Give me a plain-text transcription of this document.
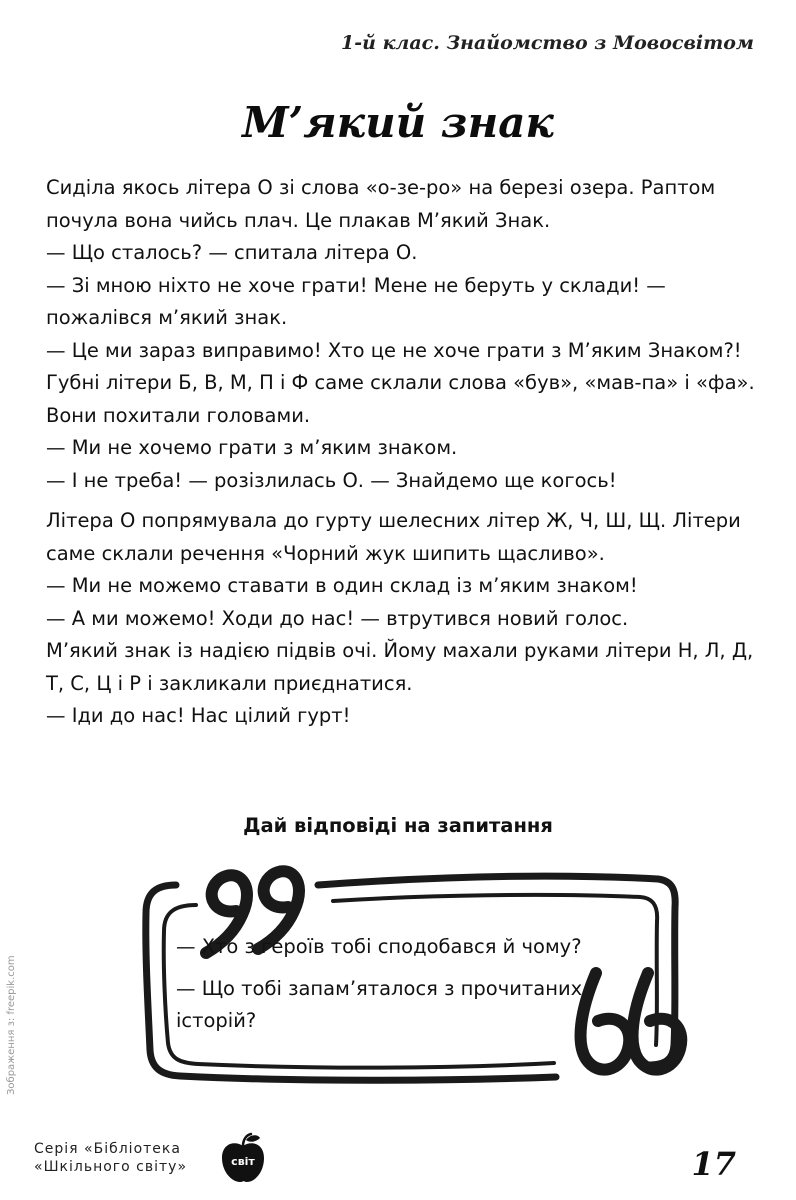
1-й клас. Знайомство з Мовосвітом
М’який знак

Сиділа якось літера О зі слова «о-зе-ро» на березі озера. Раптом почула вона чийсь плач. Це плакав М’який Знак.

— Що сталось? — спитала літера О.

— Зі мною ніхто не хоче грати! Мене не беруть у склади! — пожалівся м’який знак.

— Це ми зараз виправимо! Хто це не хоче грати з М’яким Знаком?!

Губні літери Б, В, М, П і Ф саме склали слова «був», «мав-па» і «фа». Вони похитали головами.

— Ми не хочемо грати з м’яким знаком.

— І не треба! — розізлилась О. — Знайдемо ще когось!

Літера О попрямувала до гурту шелесних літер Ж, Ч, Ш, Щ. Літери саме склали речення «Чорний жук шипить щасливо».

— Ми не можемо ставати в один склад із м’яким знаком!

— А ми можемо! Ходи до нас! — втрутився новий голос.

М’який знак із надією підвів очі. Йому махали руками літери Н, Л, Д, Т, С, Ц і Р і закликали приєднатися.

— Іди до нас! Нас цілий гурт!

Дай відповіді на запитання

— Хто з героїв тобі сподобався й чому?

— Що тобі запам’яталося з прочитаних історій?

Зображення з: freepik.com
Серія «Бібліотека
«Шкільного світу»	світ	17
